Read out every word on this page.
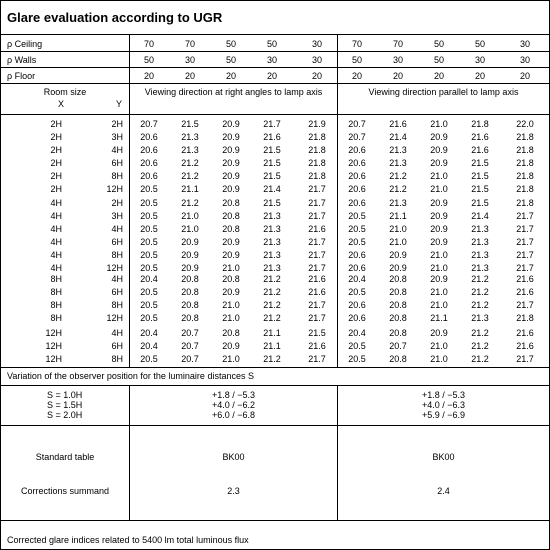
Glare evaluation according to UGR
ρ Ceiling	70	70	50	50	30	70	70	50	50	30
ρ Walls	50	30	50	30	30	50	30	50	30	30
ρ Floor	20	20	20	20	20	20	20	20	20	20
Room size
X	Y
Viewing direction at right angles to lamp axis	Viewing direction parallel to lamp axis
2H	2H	20.7	21.5	20.9	21.7	21.9	20.7	21.6	21.0	21.8	22.0
2H	3H	20.6	21.3	20.9	21.6	21.8	20.7	21.4	20.9	21.6	21.8
2H	4H	20.6	21.3	20.9	21.5	21.8	20.6	21.3	20.9	21.6	21.8
2H	6H	20.6	21.2	20.9	21.5	21.8	20.6	21.3	20.9	21.5	21.8
2H	8H	20.6	21.2	20.9	21.5	21.8	20.6	21.2	21.0	21.5	21.8
2H	12H	20.5	21.1	20.9	21.4	21.7	20.6	21.2	21.0	21.5	21.8
4H	2H	20.5	21.2	20.8	21.5	21.7	20.6	21.3	20.9	21.5	21.8
4H	3H	20.5	21.0	20.8	21.3	21.7	20.5	21.1	20.9	21.4	21.7
4H	4H	20.5	21.0	20.8	21.3	21.6	20.5	21.0	20.9	21.3	21.7
4H	6H	20.5	20.9	20.9	21.3	21.7	20.5	21.0	20.9	21.3	21.7
4H	8H	20.5	20.9	20.9	21.3	21.7	20.6	20.9	21.0	21.3	21.7
4H	12H	20.5	20.9	21.0	21.3	21.7	20.6	20.9	21.0	21.3	21.7
8H	4H	20.4	20.8	20.8	21.2	21.6	20.4	20.8	20.9	21.2	21.6
8H	6H	20.5	20.8	20.9	21.2	21.6	20.5	20.8	21.0	21.2	21.6
8H	8H	20.5	20.8	21.0	21.2	21.7	20.6	20.8	21.0	21.2	21.7
8H	12H	20.5	20.8	21.0	21.2	21.7	20.6	20.8	21.1	21.3	21.8
12H	4H	20.4	20.7	20.8	21.1	21.5	20.4	20.8	20.9	21.2	21.6
12H	6H	20.4	20.7	20.9	21.1	21.6	20.5	20.7	21.0	21.2	21.6
12H	8H	20.5	20.7	21.0	21.2	21.7	20.5	20.8	21.0	21.2	21.7
Variation of the observer position for the luminaire distances S
S = 1.0H	+1.8 / −5.3	+1.8 / −5.3
S = 1.5H	+4.0 / −6.2	+4.0 / −6.3
S = 2.0H	+6.0 / −6.8	+5.9 / −6.9
Standard table	BK00	BK00
Corrections summand	2.3	2.4
Corrected glare indices related to 5400 lm total luminous flux
